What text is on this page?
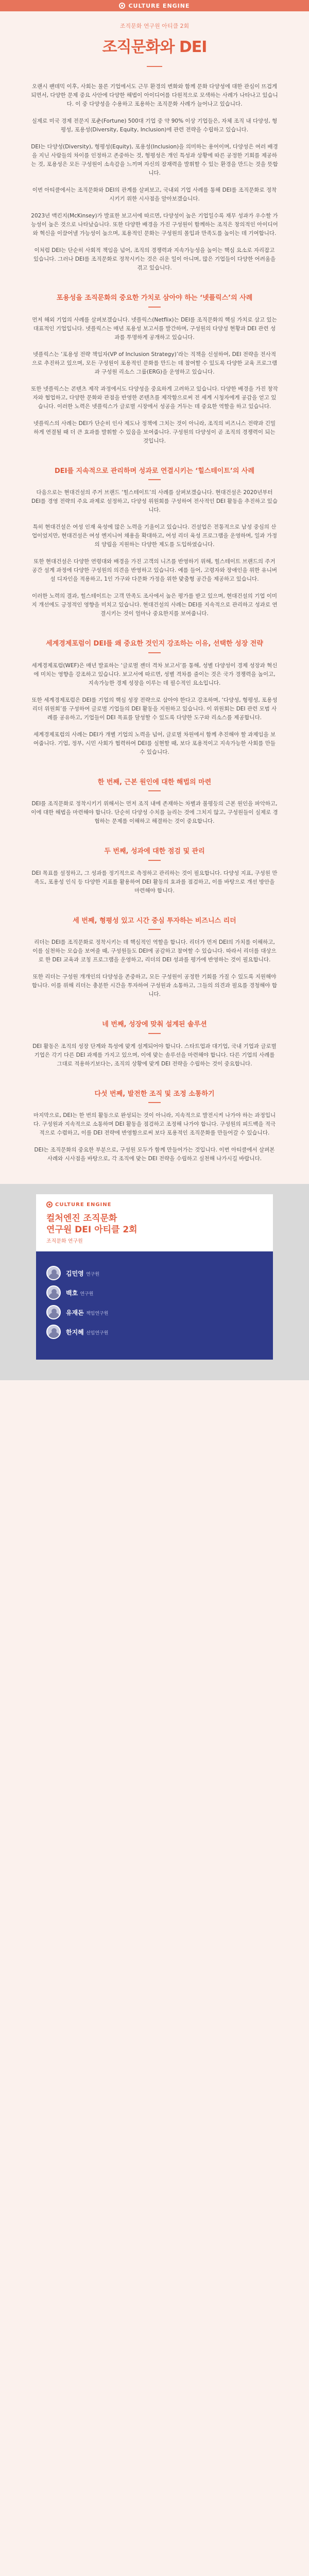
CULTURE ENGINE
조직문화 연구원 아티클 2회
조직문화와 DEI

오랜시 팬데믹 이후, 사회는 물론 기업에서도 근무 환경의 변화와 함께 문화 다양성에 대한 관심이 뜨겁게 되면서, 다양한 문제 중요 사안에 다양한 해법이 아이디어를 다원적으로 모색하는 사례가 나타나고 있습니다. 이 중 다양성을 수용하고 포용하는 조직문화 사례가 늘어나고 있습니다.

실제로 미국 경제 전문지 포춘(Fortune) 500대 기업 중 약 90% 이상 기업들은, 자체 조직 내 다양성, 형평성, 포용성(Diversity, Equity, Inclusion)에 관련 전략을 수립하고 있습니다.

DEI는 다양성(Diversity), 형평성(Equity), 포용성(Inclusion)을 의미하는 용어이며, 다양성은 여러 배경을 지닌 사람들의 차이를 인정하고 존중하는 것, 형평성은 개인 특성과 상황에 따른 공정한 기회를 제공하는 것, 포용성은 모든 구성원이 소속감을 느끼며 자신의 잠재력을 발휘할 수 있는 환경을 만드는 것을 뜻합니다.

이번 아티클에서는 조직문화와 DEI의 관계를 살펴보고, 국내외 기업 사례를 통해 DEI를 조직문화로 정착시키기 위한 시사점을 알아보겠습니다.

2023년 맥킨지(McKinsey)가 발표한 보고서에 따르면, 다양성이 높은 기업일수록 재무 성과가 우수할 가능성이 높은 것으로 나타났습니다. 또한 다양한 배경을 가진 구성원이 함께하는 조직은 창의적인 아이디어와 혁신을 이끌어낼 가능성이 높으며, 포용적인 문화는 구성원의 몰입과 만족도를 높이는 데 기여합니다.

이처럼 DEI는 단순히 사회적 책임을 넘어, 조직의 경쟁력과 지속가능성을 높이는 핵심 요소로 자리잡고 있습니다. 그러나 DEI를 조직문화로 정착시키는 것은 쉬운 일이 아니며, 많은 기업들이 다양한 어려움을 겪고 있습니다.

포용성을 조직문화의 중요한 가치로 삼아야 하는 ‘넷플릭스’의 사례

먼저 해외 기업의 사례를 살펴보겠습니다. 넷플릭스(Netflix)는 DEI를 조직문화의 핵심 가치로 삼고 있는 대표적인 기업입니다. 넷플릭스는 매년 포용성 보고서를 발간하며, 구성원의 다양성 현황과 DEI 관련 성과를 투명하게 공개하고 있습니다.

넷플릭스는 ‘포용성 전략 책임자(VP of Inclusion Strategy)’라는 직책을 신설하여, DEI 전략을 전사적으로 추진하고 있으며, 모든 구성원이 포용적인 문화를 만드는 데 참여할 수 있도록 다양한 교육 프로그램과 구성원 리소스 그룹(ERG)을 운영하고 있습니다.

또한 넷플릭스는 콘텐츠 제작 과정에서도 다양성을 중요하게 고려하고 있습니다. 다양한 배경을 가진 창작자와 협업하고, 다양한 문화와 관점을 반영한 콘텐츠를 제작함으로써 전 세계 시청자에게 공감을 얻고 있습니다. 이러한 노력은 넷플릭스가 글로벌 시장에서 성공을 거두는 데 중요한 역할을 하고 있습니다.

넷플릭스의 사례는 DEI가 단순히 인사 제도나 정책에 그치는 것이 아니라, 조직의 비즈니스 전략과 긴밀하게 연결될 때 더 큰 효과를 발휘할 수 있음을 보여줍니다. 구성원의 다양성이 곧 조직의 경쟁력이 되는 것입니다.

DEI를 지속적으로 관리하며 성과로 연결시키는 ‘힐스테이트’의 사례

다음으로는 현대건설의 주거 브랜드 ‘힐스테이트’의 사례를 살펴보겠습니다. 현대건설은 2020년부터 DEI를 경영 전략의 주요 과제로 설정하고, 다양성 위원회를 구성하여 전사적인 DEI 활동을 추진하고 있습니다.

특히 현대건설은 여성 인재 육성에 많은 노력을 기울이고 있습니다. 건설업은 전통적으로 남성 중심의 산업이었지만, 현대건설은 여성 엔지니어 채용을 확대하고, 여성 리더 육성 프로그램을 운영하며, 일과 가정의 양립을 지원하는 다양한 제도를 도입하였습니다.

또한 현대건설은 다양한 연령대와 배경을 가진 고객의 니즈를 반영하기 위해, 힐스테이트 브랜드의 주거 공간 설계 과정에 다양한 구성원의 의견을 반영하고 있습니다. 예를 들어, 고령자와 장애인을 위한 유니버설 디자인을 적용하고, 1인 가구와 다문화 가정을 위한 맞춤형 공간을 제공하고 있습니다.

이러한 노력의 결과, 힐스테이트는 고객 만족도 조사에서 높은 평가를 받고 있으며, 현대건설의 기업 이미지 개선에도 긍정적인 영향을 미치고 있습니다. 현대건설의 사례는 DEI를 지속적으로 관리하고 성과로 연결시키는 것이 얼마나 중요한지를 보여줍니다.

세계경제포럼이 DEI를 왜 중요한 것인지 강조하는 이유, 선택한 성장 전략

세계경제포럼(WEF)은 매년 발표하는 ‘글로벌 젠더 격차 보고서’를 통해, 성별 다양성이 경제 성장과 혁신에 미치는 영향을 강조하고 있습니다. 보고서에 따르면, 성별 격차를 줄이는 것은 국가 경쟁력을 높이고, 지속가능한 경제 성장을 이루는 데 필수적인 요소입니다.

또한 세계경제포럼은 DEI를 기업의 핵심 성장 전략으로 삼아야 한다고 강조하며, ‘다양성, 형평성, 포용성 리더 위원회’를 구성하여 글로벌 기업들의 DEI 활동을 지원하고 있습니다. 이 위원회는 DEI 관련 모범 사례를 공유하고, 기업들이 DEI 목표를 달성할 수 있도록 다양한 도구와 리소스를 제공합니다.

세계경제포럼의 사례는 DEI가 개별 기업의 노력을 넘어, 글로벌 차원에서 함께 추진해야 할 과제임을 보여줍니다. 기업, 정부, 시민 사회가 협력하여 DEI를 실현할 때, 보다 포용적이고 지속가능한 사회를 만들 수 있습니다.

한 번째, 근본 원인에 대한 해법의 마련

DEI를 조직문화로 정착시키기 위해서는 먼저 조직 내에 존재하는 차별과 불평등의 근본 원인을 파악하고, 이에 대한 해법을 마련해야 합니다. 단순히 다양성 수치를 늘리는 것에 그치지 않고, 구성원들이 실제로 경험하는 문제를 이해하고 해결하는 것이 중요합니다.

두 번째, 성과에 대한 점검 및 관리

DEI 목표를 설정하고, 그 성과를 정기적으로 측정하고 관리하는 것이 필요합니다. 다양성 지표, 구성원 만족도, 포용성 인식 등 다양한 지표를 활용하여 DEI 활동의 효과를 점검하고, 이를 바탕으로 개선 방안을 마련해야 합니다.

세 번째, 형평성 있고 시간 중심 투자하는 비즈니스 리더

리더는 DEI를 조직문화로 정착시키는 데 핵심적인 역할을 합니다. 리더가 먼저 DEI의 가치를 이해하고, 이를 실천하는 모습을 보여줄 때, 구성원들도 DEI에 공감하고 참여할 수 있습니다. 따라서 리더를 대상으로 한 DEI 교육과 코칭 프로그램을 운영하고, 리더의 DEI 성과를 평가에 반영하는 것이 필요합니다.

또한 리더는 구성원 개개인의 다양성을 존중하고, 모든 구성원이 공정한 기회를 가질 수 있도록 지원해야 합니다. 이를 위해 리더는 충분한 시간을 투자하여 구성원과 소통하고, 그들의 의견과 필요를 경청해야 합니다.

네 번째, 성장에 맞춰 설계된 솔루션

DEI 활동은 조직의 성장 단계와 특성에 맞게 설계되어야 합니다. 스타트업과 대기업, 국내 기업과 글로벌 기업은 각기 다른 DEI 과제를 가지고 있으며, 이에 맞는 솔루션을 마련해야 합니다. 다른 기업의 사례를 그대로 적용하기보다는, 조직의 상황에 맞게 DEI 전략을 수립하는 것이 중요합니다.

다섯 번째, 발전한 조직 및 조정 소통하기

마지막으로, DEI는 한 번의 활동으로 완성되는 것이 아니라, 지속적으로 발전시켜 나가야 하는 과정입니다. 구성원과 지속적으로 소통하며 DEI 활동을 점검하고 조정해 나가야 합니다. 구성원의 피드백을 적극적으로 수렴하고, 이를 DEI 전략에 반영함으로써 보다 포용적인 조직문화를 만들어갈 수 있습니다.

DEI는 조직문화의 중요한 부분으로, 구성원 모두가 함께 만들어가는 것입니다. 이번 아티클에서 살펴본 사례와 시사점을 바탕으로, 각 조직에 맞는 DEI 전략을 수립하고 실천해 나가시길 바랍니다.

CULTURE ENGINE
컬처엔진 조직문화
연구원 DEI 아티클 2회
조직문화 연구원
김민영 연구원
백호 연구원
유재돈 책임연구원
한지혜 선임연구원
